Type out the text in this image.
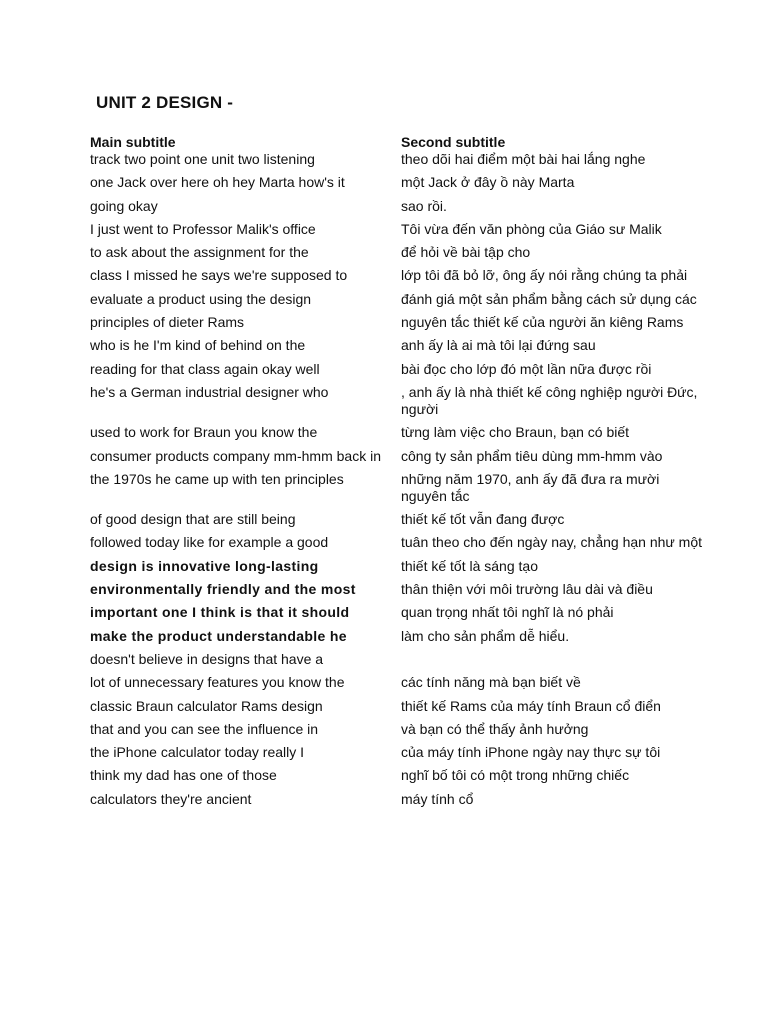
UNIT 2 DESIGN -
Main subtitle	Second subtitle
track two point one unit two listening	theo dõi hai điểm một bài hai lắng nghe
one Jack over here oh hey Marta how's it	một Jack ở đây ồ này Marta
going okay	sao rồi.
I just went to Professor Malik's office	Tôi vừa đến văn phòng của Giáo sư Malik
to ask about the assignment for the	để hỏi về bài tập cho
class I missed he says we're supposed to	lớp tôi đã bỏ lỡ, ông ấy nói rằng chúng ta phải
evaluate a product using the design	đánh giá một sản phẩm bằng cách sử dụng các
principles of dieter Rams	nguyên tắc thiết kế của người ăn kiêng Rams
who is he I'm kind of behind on the	anh ấy là ai mà tôi lại đứng sau
reading for that class again okay well	bài đọc cho lớp đó một lần nữa được rồi
he's a German industrial designer who	, anh ấy là nhà thiết kế công nghiệp người Đức, người
used to work for Braun you know the	từng làm việc cho Braun, bạn có biết
consumer products company mm-hmm back in	công ty sản phẩm tiêu dùng mm-hmm vào
the 1970s he came up with ten principles	những năm 1970, anh ấy đã đưa ra mười nguyên tắc
of good design that are still being	thiết kế tốt vẫn đang được
followed today like for example a good	tuân theo cho đến ngày nay, chẳng hạn như một
design is innovative long-lasting	thiết kế tốt là sáng tạo
environmentally friendly and the most	thân thiện với môi trường lâu dài và điều
important one I think is that it should	quan trọng nhất tôi nghĩ là nó phải
make the product understandable he	làm cho sản phẩm dễ hiểu.
doesn't believe in designs that have a
lot of unnecessary features you know the	các tính năng mà bạn biết về
classic Braun calculator Rams design	thiết kế Rams của máy tính Braun cổ điển
that and you can see the influence in	và bạn có thể thấy ảnh hưởng
the iPhone calculator today really I	của máy tính iPhone ngày nay thực sự tôi
think my dad has one of those	nghĩ bố tôi có một trong những chiếc
calculators they're ancient	máy tính cổ
